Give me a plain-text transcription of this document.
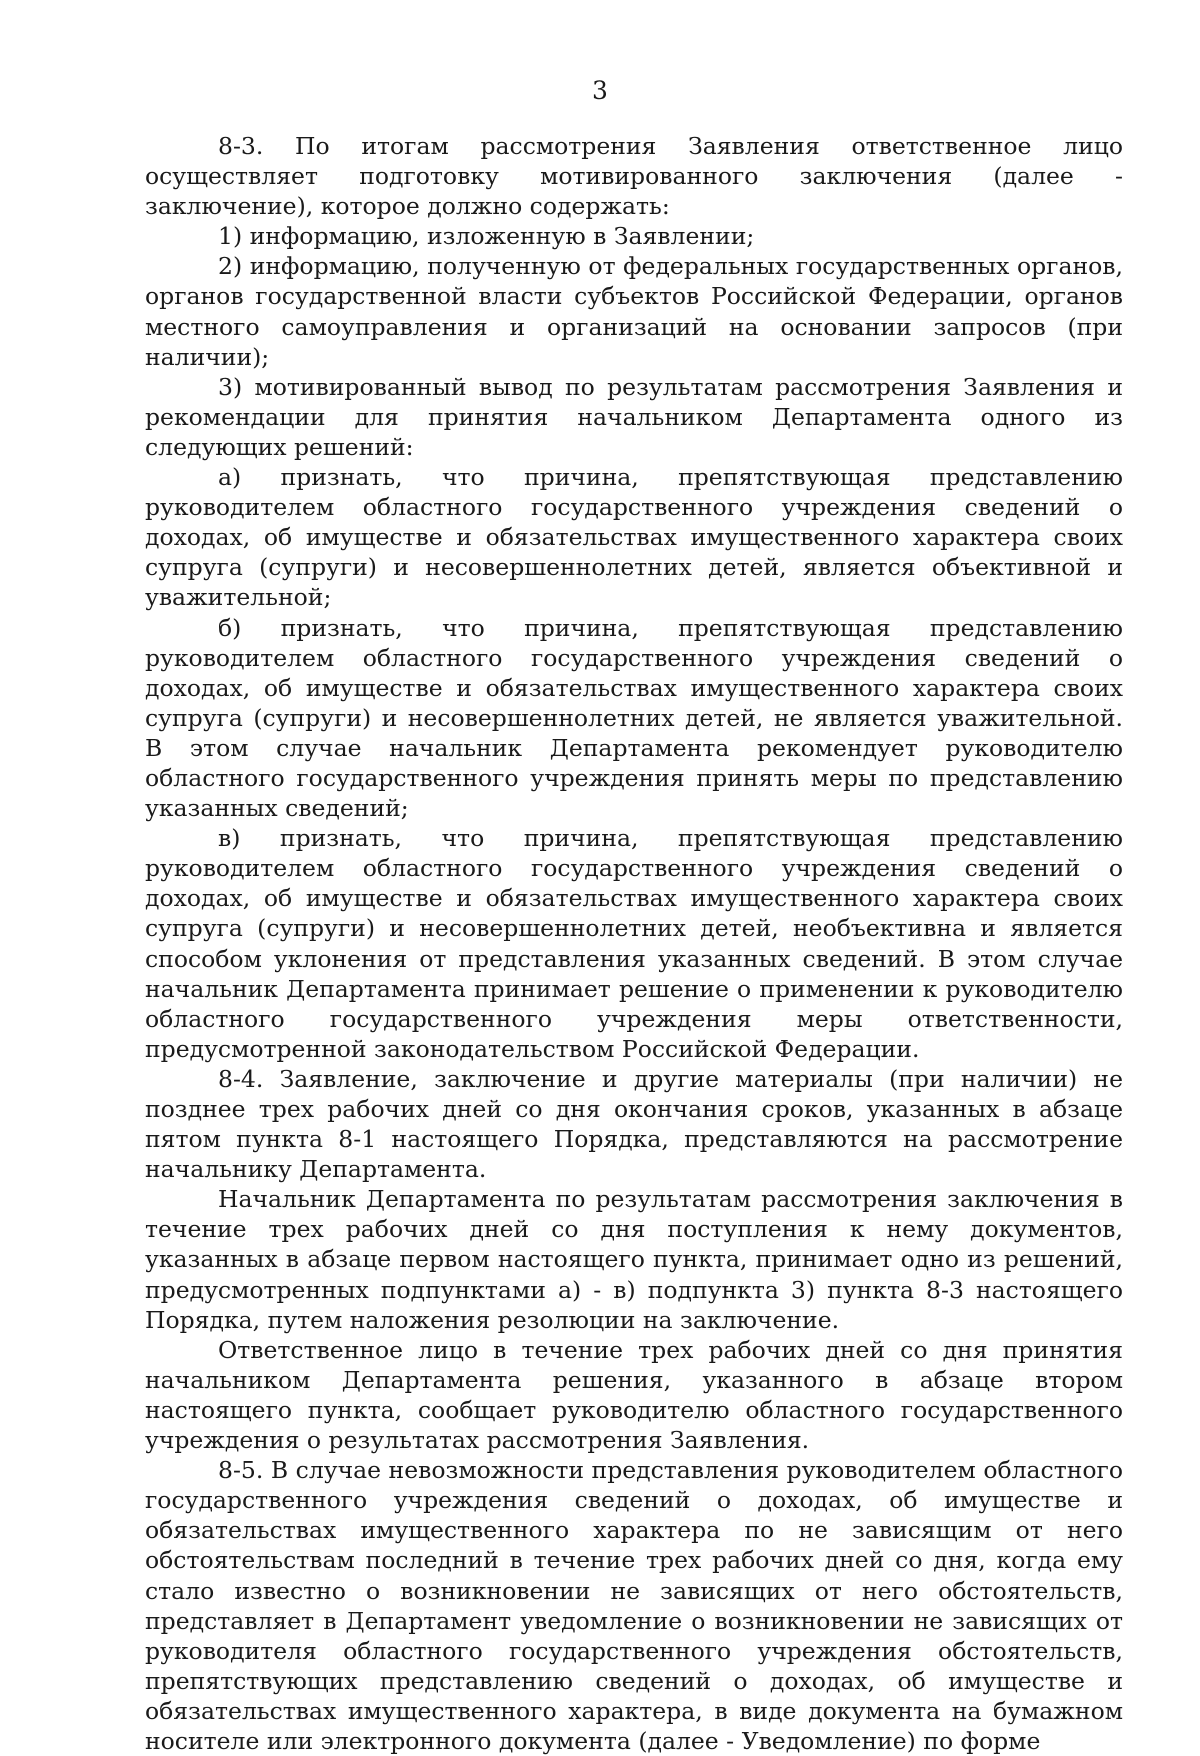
3

8-3. По итогам рассмотрения Заявления ответственное лицо осуществляет подготовку мотивированного заключения (далее - заключение), которое должно содержать:

1) информацию, изложенную в Заявлении;

2) информацию, полученную от федеральных государственных органов, органов государственной власти субъектов Российской Федерации, органов местного самоуправления и организаций на основании запросов (при наличии);

3) мотивированный вывод по результатам рассмотрения Заявления и рекомендации для принятия начальником Департамента одного из следующих решений:

а) признать, что причина, препятствующая представлению руководителем областного государственного учреждения сведений о доходах, об имуществе и обязательствах имущественного характера своих супруга (супруги) и несовершеннолетних детей, является объективной и уважительной;

б) признать, что причина, препятствующая представлению руководителем областного государственного учреждения сведений о доходах, об имуществе и обязательствах имущественного характера своих супруга (супруги) и несовершеннолетних детей, не является уважительной. В этом случае начальник Департамента рекомендует руководителю областного государственного учреждения принять меры по представлению указанных сведений;

в) признать, что причина, препятствующая представлению руководителем областного государственного учреждения сведений о доходах, об имуществе и обязательствах имущественного характера своих супруга (супруги) и несовершеннолетних детей, необъективна и является способом уклонения от представления указанных сведений. В этом случае начальник Департамента принимает решение о применении к руководителю областного государственного учреждения меры ответственности, предусмотренной законодательством Российской Федерации.

8-4. Заявление, заключение и другие материалы (при наличии) не позднее трех рабочих дней со дня окончания сроков, указанных в абзаце пятом пункта 8-1 настоящего Порядка, представляются на рассмотрение начальнику Департамента.

Начальник Департамента по результатам рассмотрения заключения в течение трех рабочих дней со дня поступления к нему документов, указанных в абзаце первом настоящего пункта, принимает одно из решений, предусмотренных подпунктами а) - в) подпункта 3) пункта 8-3 настоящего Порядка, путем наложения резолюции на заключение.

Ответственное лицо в течение трех рабочих дней со дня принятия начальником Департамента решения, указанного в абзаце втором настоящего пункта, сообщает руководителю областного государственного учреждения о результатах рассмотрения Заявления.

8-5. В случае невозможности представления руководителем областного государственного учреждения сведений о доходах, об имуществе и обязательствах имущественного характера по не зависящим от него обстоятельствам последний в течение трех рабочих дней со дня, когда ему стало известно о возникновении не зависящих от него обстоятельств, представляет в Департамент уведомление о возникновении не зависящих от руководителя областного государственного учреждения обстоятельств, препятствующих представлению сведений о доходах, об имуществе и обязательствах имущественного характера, в виде документа на бумажном носителе или электронного документа (далее - Уведомление) по форме
